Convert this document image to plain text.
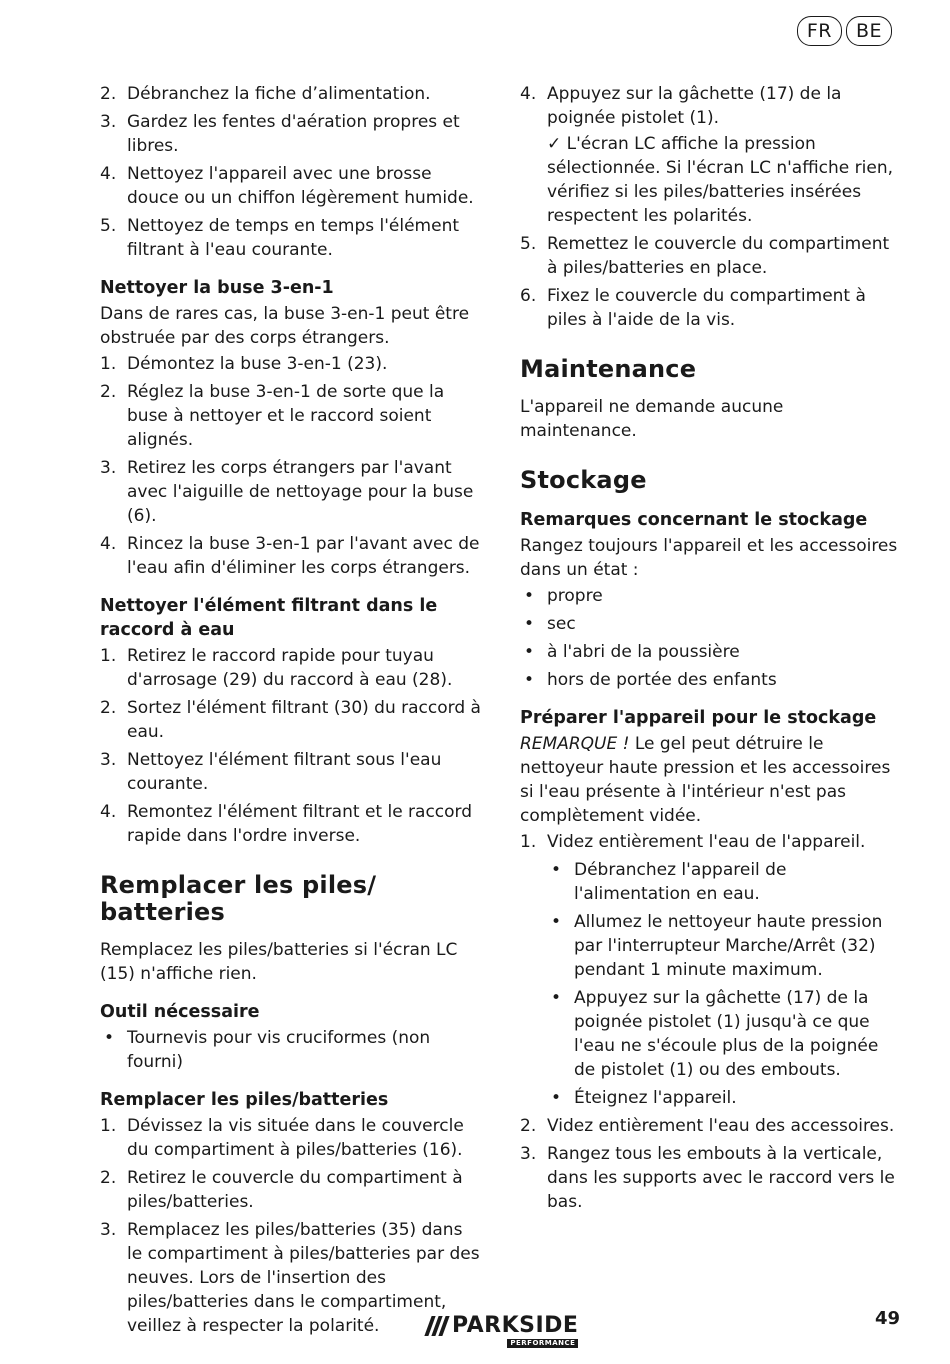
FR	BE
2. Débranchez la fiche d’alimentation.
3. Gardez les fentes d'aération propres et libres.
4. Nettoyez l'appareil avec une brosse douce ou un chiffon légèrement humide.
5. Nettoyez de temps en temps l'élément filtrant à l'eau courante.
Nettoyer la buse 3-en-1

Dans de rares cas, la buse 3-en-1 peut être obstruée par des corps étrangers.

1. Démontez la buse 3-en-1 (23).
2. Réglez la buse 3-en-1 de sorte que la buse à nettoyer et le raccord soient alignés.
3. Retirez les corps étrangers par l'avant avec l'aiguille de nettoyage pour la buse (6).
4. Rincez la buse 3-en-1 par l'avant avec de l'eau afin d'éliminer les corps étrangers.
Nettoyer l'élément filtrant dans le raccord à eau
1. Retirez le raccord rapide pour tuyau d'arrosage (29) du raccord à eau (28).
2. Sortez l'élément filtrant (30) du raccord à eau.
3. Nettoyez l'élément filtrant sous l'eau courante.
4. Remontez l'élément filtrant et le raccord rapide dans l'ordre inverse.
Remplacer les piles/ batteries

Remplacez les piles/batteries si l'écran LC (15) n'affiche rien.

Outil nécessaire
• Tournevis pour vis cruciformes (non fourni)
Remplacer les piles/batteries
1. Dévissez la vis située dans le couvercle du compartiment à piles/batteries (16).
2. Retirez le couvercle du compartiment à piles/batteries.
3. Remplacez les piles/batteries (35) dans le compartiment à piles/batteries par des neuves. Lors de l'insertion des piles/batteries dans le compartiment, veillez à respecter la polarité.
4. Appuyez sur la gâchette (17) de la poignée pistolet (1).
✓ L'écran LC affiche la pression sélectionnée. Si l'écran LC n'affiche rien, vérifiez si les piles/batteries insérées respectent les polarités.
5. Remettez le couvercle du compartiment à piles/batteries en place.
6. Fixez le couvercle du compartiment à piles à l'aide de la vis.
Maintenance

L'appareil ne demande aucune maintenance.

Stockage
Remarques concernant le stockage

Rangez toujours l'appareil et les accessoires dans un état :

• propre
• sec
• à l'abri de la poussière
• hors de portée des enfants
Préparer l'appareil pour le stockage

REMARQUE ! Le gel peut détruire le nettoyeur haute pression et les accessoires si l'eau présente à l'intérieur n'est pas complètement vidée.

1. Videz entièrement l'eau de l'appareil.
• Débranchez l'appareil de l'alimentation en eau.
• Allumez le nettoyeur haute pression par l'interrupteur Marche/Arrêt (32) pendant 1 minute maximum.
• Appuyez sur la gâchette (17) de la poignée pistolet (1) jusqu'à ce que l'eau ne s'écoule plus de la poignée de pistolet (1) ou des embouts.
• Éteignez l'appareil.
2. Videz entièrement l'eau des accessoires.
3. Rangez tous les embouts à la verticale, dans les supports avec le raccord vers le bas.
PARKSIDE
PERFORMANCE
49
